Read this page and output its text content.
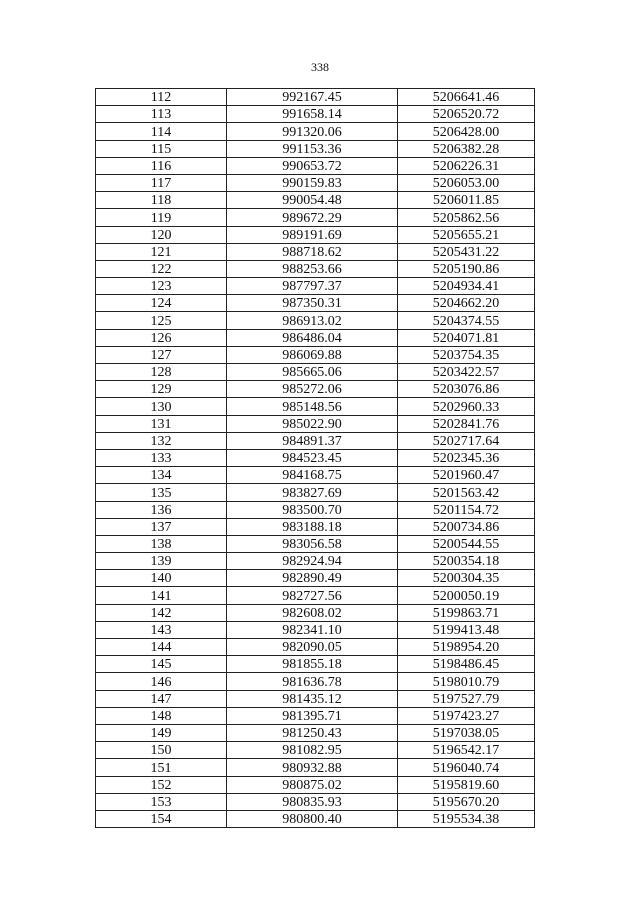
338
112	992167.45	5206641.46
113	991658.14	5206520.72
114	991320.06	5206428.00
115	991153.36	5206382.28
116	990653.72	5206226.31
117	990159.83	5206053.00
118	990054.48	5206011.85
119	989672.29	5205862.56
120	989191.69	5205655.21
121	988718.62	5205431.22
122	988253.66	5205190.86
123	987797.37	5204934.41
124	987350.31	5204662.20
125	986913.02	5204374.55
126	986486.04	5204071.81
127	986069.88	5203754.35
128	985665.06	5203422.57
129	985272.06	5203076.86
130	985148.56	5202960.33
131	985022.90	5202841.76
132	984891.37	5202717.64
133	984523.45	5202345.36
134	984168.75	5201960.47
135	983827.69	5201563.42
136	983500.70	5201154.72
137	983188.18	5200734.86
138	983056.58	5200544.55
139	982924.94	5200354.18
140	982890.49	5200304.35
141	982727.56	5200050.19
142	982608.02	5199863.71
143	982341.10	5199413.48
144	982090.05	5198954.20
145	981855.18	5198486.45
146	981636.78	5198010.79
147	981435.12	5197527.79
148	981395.71	5197423.27
149	981250.43	5197038.05
150	981082.95	5196542.17
151	980932.88	5196040.74
152	980875.02	5195819.60
153	980835.93	5195670.20
154	980800.40	5195534.38
